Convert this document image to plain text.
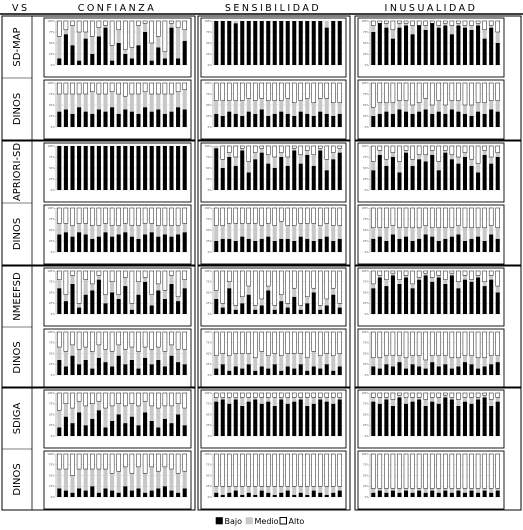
VS	CONFIANZA	SENSIBILIDAD	INUSUALIDAD
0%
25%
50%
75%
100%
0%
25%
50%
75%
100%
0%
25%
50%
75%
100%
0%
25%
50%
75%
100%
0%
25%
50%
75%
100%
0%
25%
50%
75%
100%
0%
25%
50%
75%
100%
0%
25%
50%
75%
100%
0%
25%
50%
75%
100%
0%
25%
50%
75%
100%
0%
25%
50%
75%
100%
0%
25%
50%
75%
100%
0%
25%
50%
75%
100%
0%
25%
50%
75%
100%
0%
25%
50%
75%
100%
0%
25%
50%
75%
100%
0%
25%
50%
75%
100%
0%
25%
50%
75%
100%
0%
25%
50%
75%
100%
0%
25%
50%
75%
100%
0%
25%
50%
75%
100%
0%
25%
50%
75%
100%
0%
25%
50%
75%
100%
0%
25%
50%
75%
100%
SD-MAP
DINOS
APRIORI-SD
DINOS
NMEEFSD
DINOS
SDIGA
DINOS
Bajo Medio Alto
